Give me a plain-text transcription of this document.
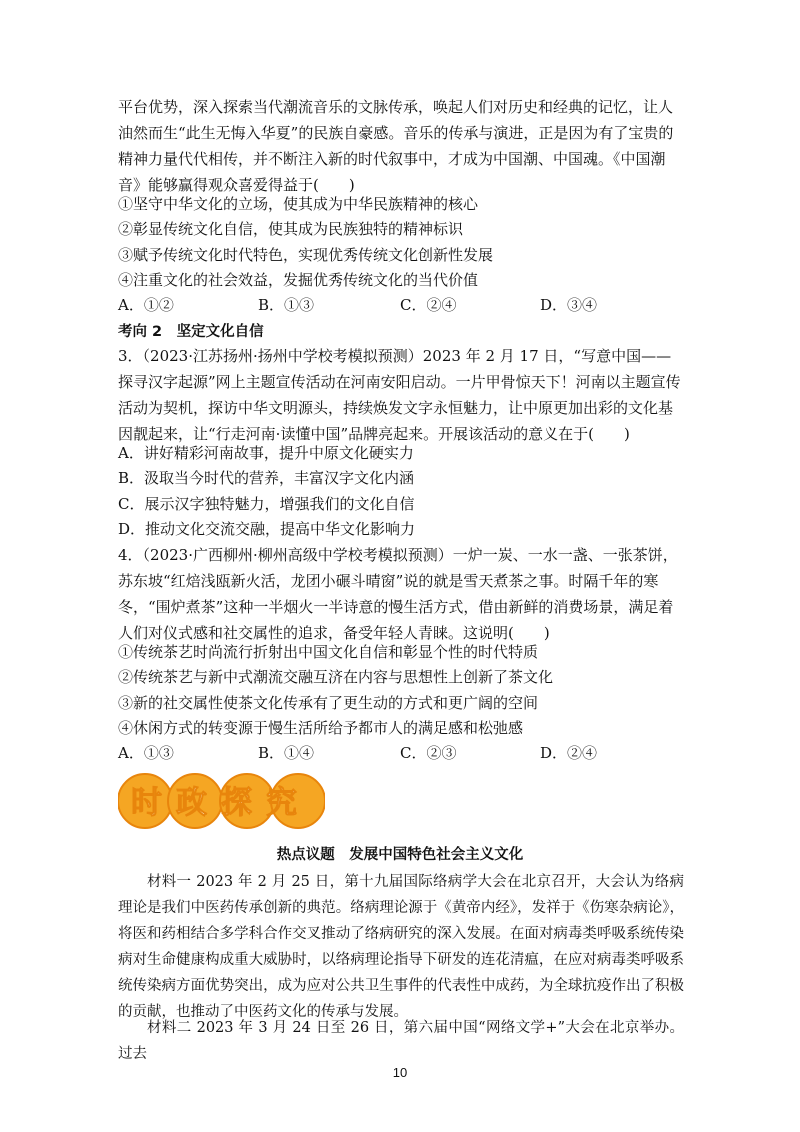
平台优势，深入探索当代潮流音乐的文脉传承，唤起人们对历史和经典的记忆，让人油然而生“此生无悔入华夏”的民族自豪感。音乐的传承与演进，正是因为有了宝贵的精神力量代代相传，并不断注入新的时代叙事中，才成为中国潮、中国魂。《中国潮音》能够赢得观众喜爱得益于(　　)

①坚守中华文化的立场，使其成为中华民族精神的核心
②彰显传统文化自信，使其成为民族独特的精神标识
③赋予传统文化时代特色，实现优秀传统文化创新性发展
④注重文化的社会效益，发掘优秀传统文化的当代价值
A．①②	B．①③	C．②④	D．③④
考向 2　坚定文化自信

3．（2023·江苏扬州·扬州中学校考模拟预测）2023 年 2 月 17 日，“写意中国——探寻汉字起源”网上主题宣传活动在河南安阳启动。一片甲骨惊天下！河南以主题宣传活动为契机，探访中华文明源头，持续焕发文字永恒魅力，让中原更加出彩的文化基因靓起来，让“行走河南·读懂中国”品牌亮起来。开展该活动的意义在于(　　)

A．讲好精彩河南故事，提升中原文化硬实力
B．汲取当今时代的营养，丰富汉字文化内涵
C．展示汉字独特魅力，增强我们的文化自信
D．推动文化交流交融，提高中华文化影响力

4．（2023·广西柳州·柳州高级中学校考模拟预测）一炉一炭、一水一盏、一张茶饼，苏东坡“红焙浅瓯新火活，龙团小碾斗晴窗”说的就是雪天煮茶之事。时隔千年的寒冬，“围炉煮茶”这种一半烟火一半诗意的慢生活方式，借由新鲜的消费场景，满足着人们对仪式感和社交属性的追求，备受年轻人青睐。这说明(　　)

①传统茶艺时尚流行折射出中国文化自信和彰显个性的时代特质
②传统茶艺与新中式潮流交融互济在内容与思想性上创新了茶文化
③新的社交属性使茶文化传承有了更生动的方式和更广阔的空间
④休闲方式的转变源于慢生活所给予都市人的满足感和松弛感
A．①③	B．①④	C．②③	D．②④
时政探究
热点议题　发展中国特色社会主义文化

材料一 2023 年 2 月 25 日，第十九届国际络病学大会在北京召开，大会认为络病理论是我们中医药传承创新的典范。络病理论源于《黄帝内经》，发祥于《伤寒杂病论》，将医和药相结合多学科合作交叉推动了络病研究的深入发展。在面对病毒类呼吸系统传染病对生命健康构成重大威胁时，以络病理论指导下研发的连花清瘟，在应对病毒类呼吸系统传染病方面优势突出，成为应对公共卫生事件的代表性中成药，为全球抗疫作出了积极的贡献，也推动了中医药文化的传承与发展。

材料二 2023 年 3 月 24 日至 26 日，第六届中国“网络文学+”大会在北京举办。过去

10
